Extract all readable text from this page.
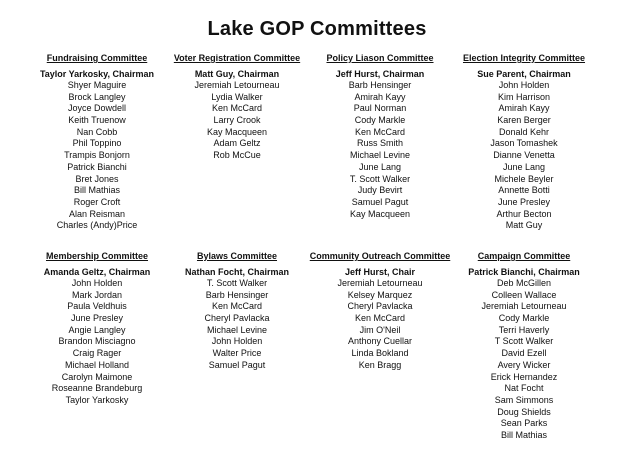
Lake GOP Committees
Fundraising Committee
Taylor Yarkosky, Chairman
Shyer Maguire
Brock Langley
Joyce Dowdell
Keith Truenow
Nan Cobb
Phil Toppino
Trampis Bonjorn
Patrick Bianchi
Bret Jones
Bill Mathias
Roger Croft
Alan Reisman
Charles (Andy)Price
Voter Registration Committee
Matt Guy, Chairman
Jeremiah Letourneau
Lydia Walker
Ken McCard
Larry Crook
Kay Macqueen
Adam Geltz
Rob McCue
Policy Liason Committee
Jeff Hurst, Chairman
Barb Hensinger
Amirah Kayy
Paul Norman
Cody Markle
Ken McCard
Russ Smith
Michael Levine
June Lang
T. Scott Walker
Judy Bevirt
Samuel Pagut
Kay Macqueen
Election Integrity Committee
Sue Parent, Chairman
John Holden
Kim Harrison
Amirah Kayy
Karen Berger
Donald Kehr
Jason Tomashek
Dianne Venetta
June Lang
Michele Beyler
Annette Botti
June Presley
Arthur Becton
Matt Guy
Membership Committee
Amanda Geltz, Chairman
John Holden
Mark Jordan
Paula Veldhuis
June Presley
Angie Langley
Brandon Misciagno
Craig Rager
Michael Holland
Carolyn Maimone
Roseanne Brandeburg
Taylor Yarkosky
Bylaws Committee
Nathan Focht, Chairman
T. Scott Walker
Barb Hensinger
Ken McCard
Cheryl Pavlacka
Michael Levine
John Holden
Walter Price
Samuel Pagut
Community Outreach Committee
Jeff Hurst, Chair
Jeremiah Letourneau
Kelsey Marquez
Cheryl Pavlacka
Ken McCard
Jim O'Neil
Anthony Cuellar
Linda Bokland
Ken Bragg
Campaign Committee
Patrick Bianchi, Chairman
Deb McGillen
Colleen Wallace
Jeremiah Letourneau
Cody Markle
Terri Haverly
T Scott Walker
David Ezell
Avery Wicker
Erick Hernandez
Nat Focht
Sam Simmons
Doug Shields
Sean Parks
Bill Mathias
